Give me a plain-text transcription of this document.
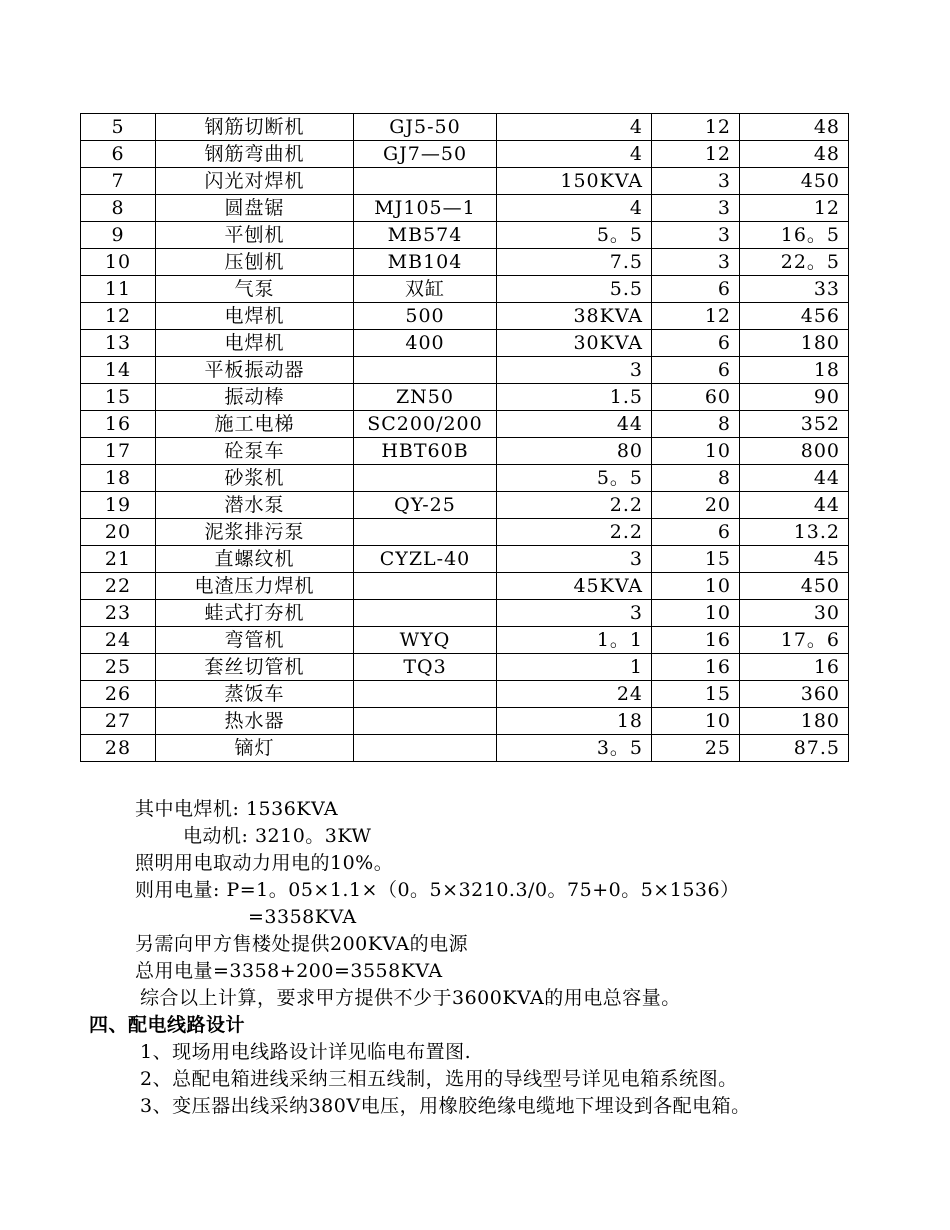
5	钢筋切断机	GJ5-50	4	12	48
6	钢筋弯曲机	GJ7—50	4	12	48
7	闪光对焊机		150KVA	3	450
8	圆盘锯	MJ105—1	4	3	12
9	平刨机	MB574	5。5	3	16。5
10	压刨机	MB104	7.5	3	22。5
11	气泵	双缸	5.5	6	33
12	电焊机	500	38KVA	12	456
13	电焊机	400	30KVA	6	180
14	平板振动器		3	6	18
15	振动棒	ZN50	1.5	60	90
16	施工电梯	SC200/200	44	8	352
17	砼泵车	HBT60B	80	10	800
18	砂浆机		5。5	8	44
19	潜水泵	QY-25	2.2	20	44
20	泥浆排污泵		2.2	6	13.2
21	直螺纹机	CYZL-40	3	15	45
22	电渣压力焊机		45KVA	10	450
23	蛙式打夯机		3	10	30
24	弯管机	WYQ	1。1	16	17。6
25	套丝切管机	TQ3	1	16	16
26	蒸饭车		24	15	360
27	热水器		18	10	180
28	镝灯		3。5	25	87.5
其中电焊机: 1536KVA
电动机: 3210。3KW
照明用电取动力用电的10%。
则用电量: P=1。05×1.1×（0。5×3210.3/0。75+0。5×1536）
=3358KVA
另需向甲方售楼处提供200KVA的电源
总用电量=3358+200=3558KVA
综合以上计算，要求甲方提供不少于3600KVA的用电总容量。
四、配电线路设计
1、现场用电线路设计详见临电布置图.
2、总配电箱进线采纳三相五线制，选用的导线型号详见电箱系统图。
3、变压器出线采纳380V电压，用橡胶绝缘电缆地下埋设到各配电箱。
